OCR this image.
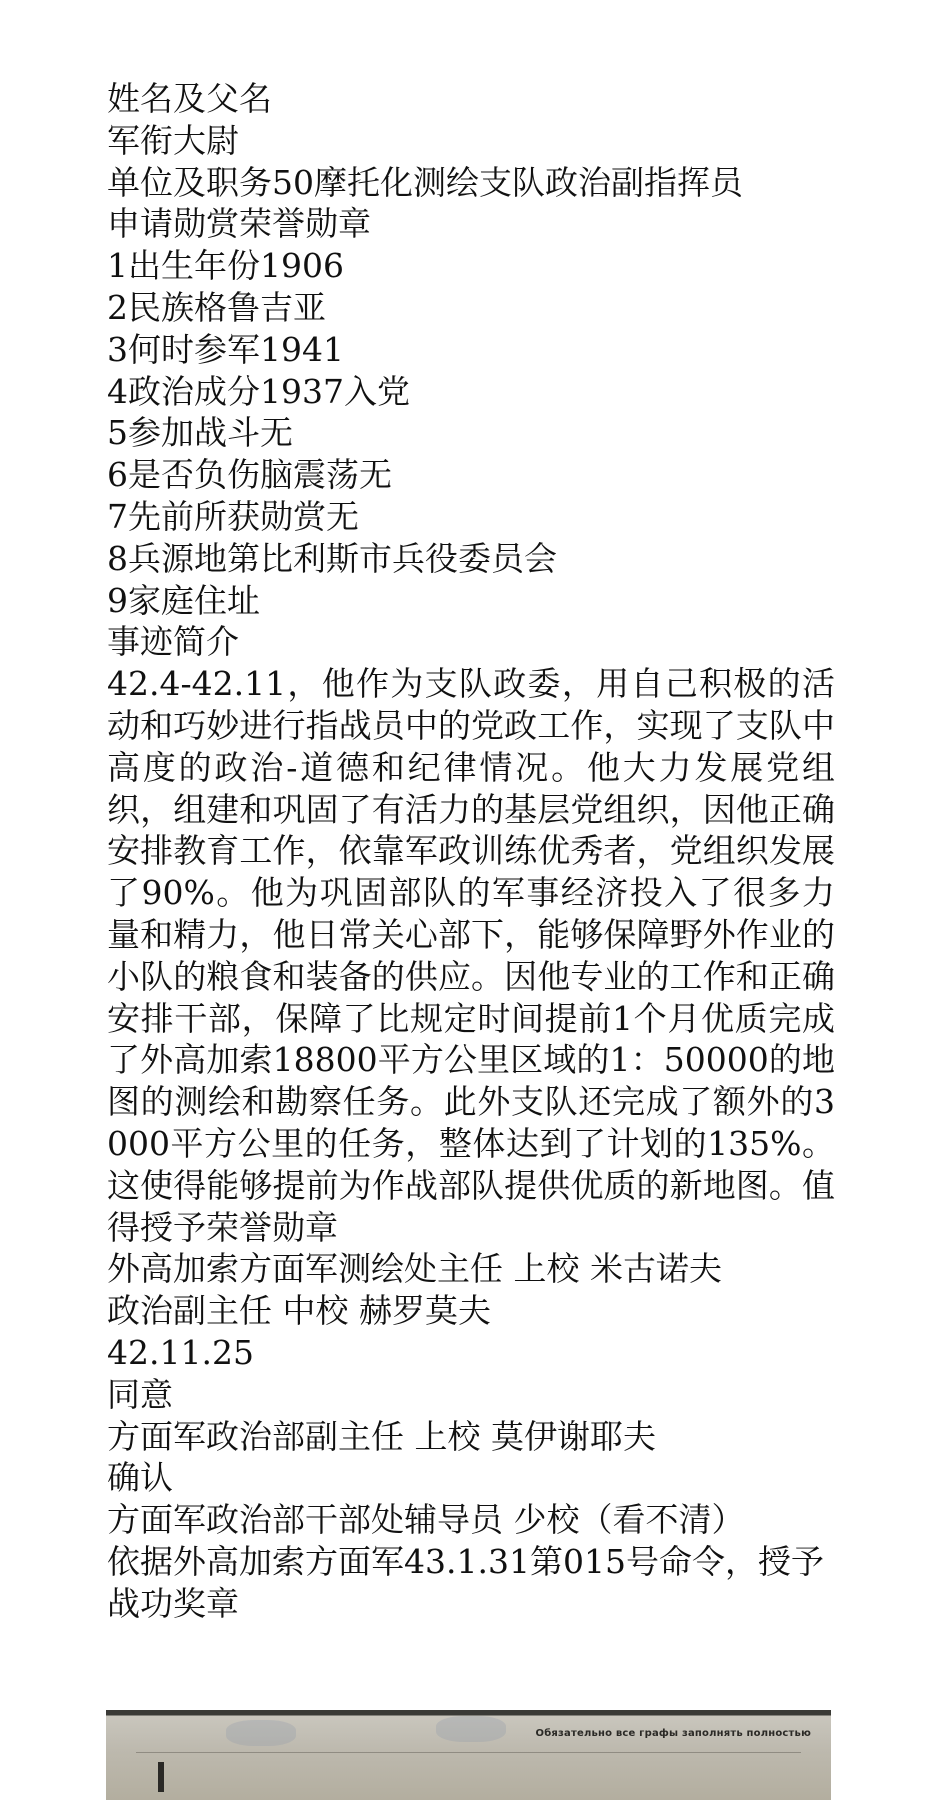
姓名及父名
军衔大尉
单位及职务50摩托化测绘支队政治副指挥员
申请勋赏荣誉勋章
1出生年份1906
2民族格鲁吉亚
3何时参军1941
4政治成分1937入党
5参加战斗无
6是否负伤脑震荡无
7先前所获勋赏无
8兵源地第比利斯市兵役委员会
9家庭住址
事迹简介
42.4-42.11，他作为支队政委，用自己积极的活动和巧妙进行指战员中的党政工作，实现了支队中高度的政治-道德和纪律情况。他大力发展党组织，组建和巩固了有活力的基层党组织，因他正确安排教育工作，依靠军政训练优秀者，党组织发展了90%。他为巩固部队的军事经济投入了很多力量和精力，他日常关心部下，能够保障野外作业的小队的粮食和装备的供应。因他专业的工作和正确安排干部，保障了比规定时间提前1个月优质完成了外高加索18800平方公里区域的1：50000的地图的测绘和勘察任务。此外支队还完成了额外的3000平方公里的任务，整体达到了计划的135%。这使得能够提前为作战部队提供优质的新地图。值得授予荣誉勋章
外高加索方面军测绘处主任 上校 米古诺夫
政治副主任 中校 赫罗莫夫
42.11.25
同意
方面军政治部副主任 上校 莫伊谢耶夫
确认
方面军政治部干部处辅导员 少校（看不清）
依据外高加索方面军43.1.31第015号命令，授予
战功奖章
Обязательно все графы заполнять полностью
